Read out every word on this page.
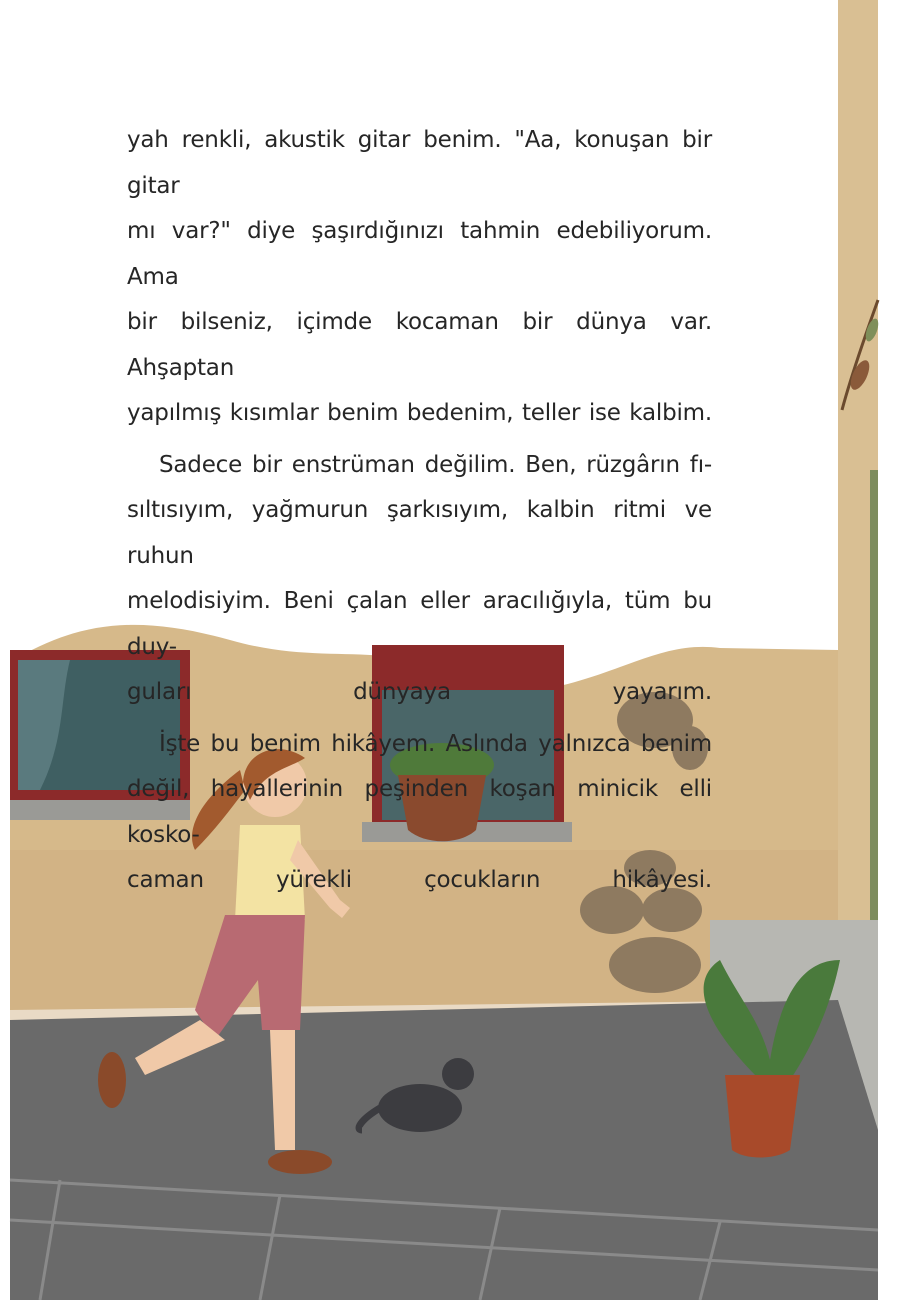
yah renkli, akustik gitar benim. "Aa, konuşan bir gitar
mı var?" diye şaşırdığınızı tahmin edebiliyorum. Ama
bir bilseniz, içimde kocaman bir dünya var. Ahşaptan
yapılmış kısımlar benim bedenim, teller ise kalbim.

Sadece bir enstrüman değilim. Ben, rüzgârın fı-
sıltısıyım, yağmurun şarkısıyım, kalbin ritmi ve ruhun
melodisiyim. Beni çalan eller aracılığıyla, tüm bu duy-
guları dünyaya yayarım.

İşte bu benim hikâyem. Aslında yalnızca benim
değil, hayallerinin peşinden koşan minicik elli kosko-
caman yürekli çocukların hikâyesi.
